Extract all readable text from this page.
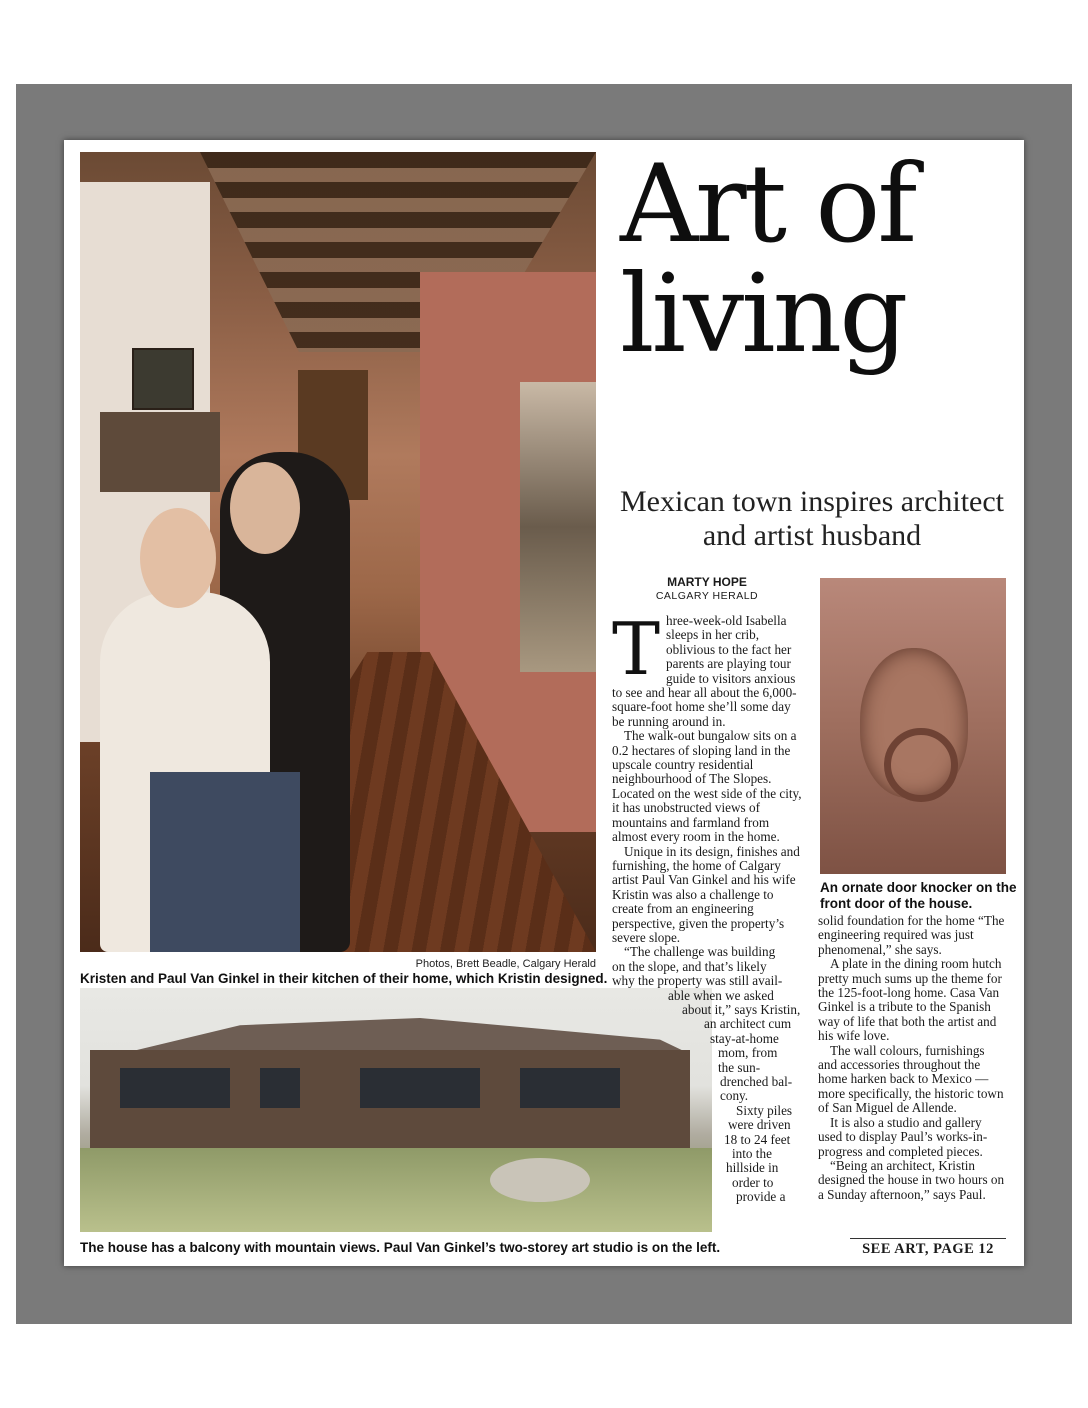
Photos, Brett Beadle, Calgary Herald
Kristen and Paul Van Ginkel in their kitchen of their home, which Kristin designed.
The house has a balcony with mountain views. Paul Van Ginkel’s two-storey art studio is on the left.
An ornate door knocker on the front door of the house.
Art of living
Mexican town inspires architect and artist husband
MARTY HOPE
CALGARY HERALD

Three-week-old Isabella sleeps in her crib, oblivious to the fact her parents are playing tour guide to visitors anxious to see and hear all about the 6,000-square-foot home she’ll some day be running around in.

The walk-out bungalow sits on a 0.2 hectares of sloping land in the upscale country residential neighbourhood of The Slopes. Located on the west side of the city, it has unobstructed views of mountains and farmland from almost every room in the home.

Unique in its design, finishes and furnishing, the home of Calgary artist Paul Van Ginkel and his wife Kristin was also a challenge to create from an engineering perspective, given the property’s severe slope.

“The challenge was building
on the slope, and that’s likely
why the property was still avail-
able when we asked
about it,” says Kristin,
an architect cum
stay-at-home
mom, from
the sun-
drenched bal-
cony.
Sixty piles
were driven
18 to 24 feet
into the
hillside in
order to
provide a

solid foundation for the home “The engineering required was just phenomenal,” she says.

A plate in the dining room hutch pretty much sums up the theme for the 125-foot-long home. Casa Van Ginkel is a tribute to the Spanish way of life that both the artist and his wife love.

The wall colours, furnishings and accessories throughout the home harken back to Mexico — more specifically, the historic town of San Miguel de Allende.

It is also a studio and gallery used to display Paul’s works-in-progress and completed pieces.

“Being an architect, Kristin designed the house in two hours on a Sunday afternoon,” says Paul.

SEE ART, PAGE 12
